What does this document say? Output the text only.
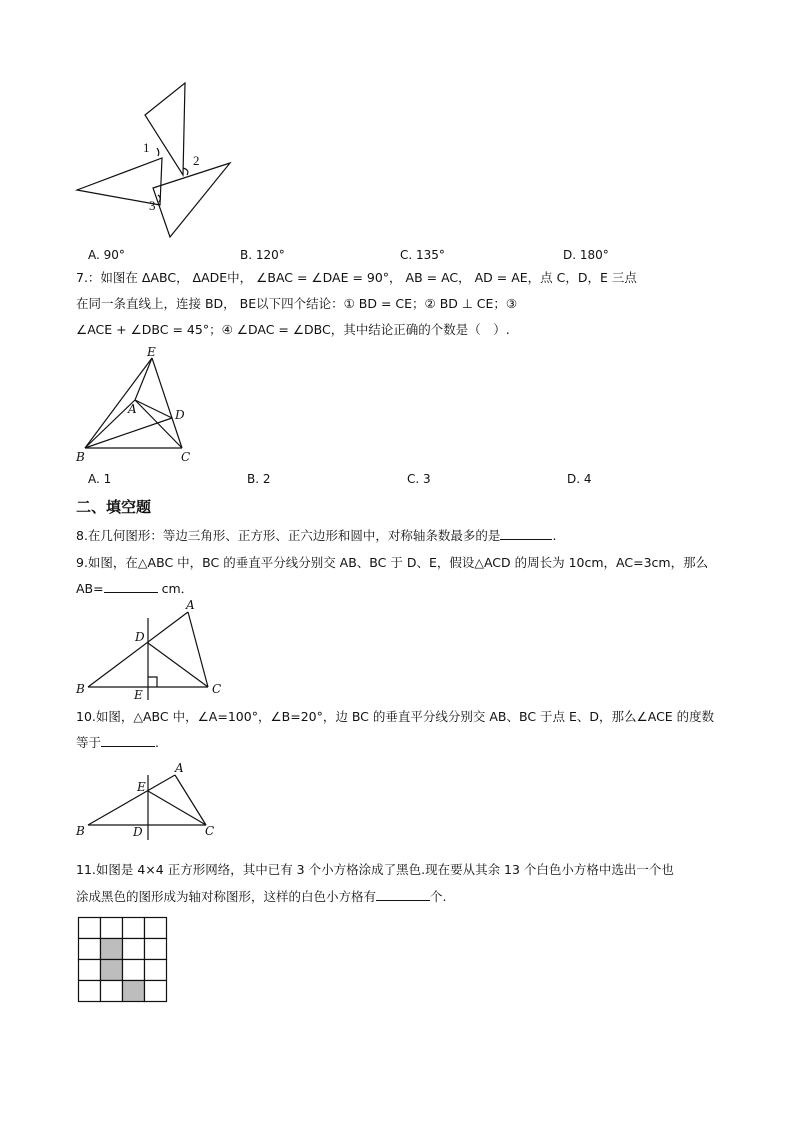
1
2
3
A. 90°	B. 120°	C. 135°	D. 180°
7.：如图在 ΔABC， ΔADE中， ∠BAC = ∠DAE = 90°， AB = AC， AD = AE，点 C，D，E 三点
在同一条直线上，连接 BD， BE以下四个结论：① BD = CE；② BD ⊥ CE；③
∠ACE + ∠DBC = 45°；④ ∠DAC = ∠DBC，其中结论正确的个数是（　）.
E
A	D
B	C
A. 1	B. 2	C. 3	D. 4
二、填空题
8.在几何图形：等边三角形、正方形、正六边形和圆中，对称轴条数最多的是	.
9.如图，在△ABC 中，BC 的垂直平分线分别交 AB、BC 于 D、E，假设△ACD 的周长为 10cm，AC=3cm，那么
AB=	cm．
A
D
B	E	C
10.如图，△ABC 中，∠A=100°，∠B=20°，边 BC 的垂直平分线分别交 AB、BC 于点 E、D，那么∠ACE 的度数
等于	.
A
E
B	D	C
11.如图是 4×4 正方形网络，其中已有 3 个小方格涂成了黑色.现在要从其余 13 个白色小方格中选出一个也
涂成黑色的图形成为轴对称图形，这样的白色小方格有	个.
